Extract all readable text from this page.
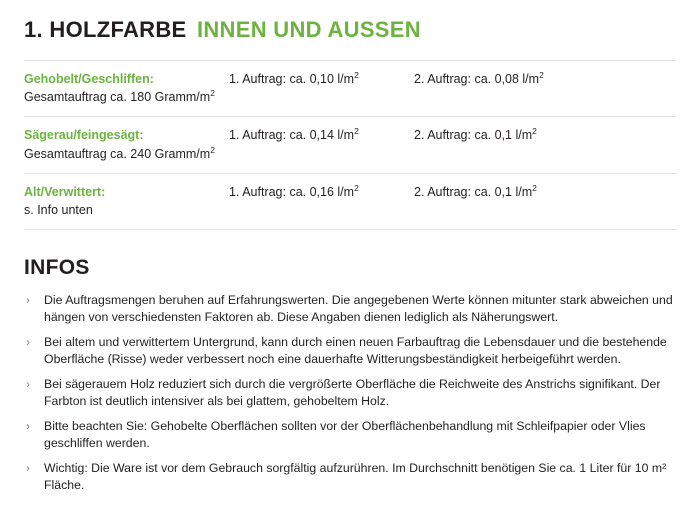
1. HOLZFARBE INNEN UND AUSSEN
Gehobelt/Geschliffen:
Gesamtauftrag ca. 180 Gramm/$m^2$	1. Auftrag: ca. 0,10 $l/m^2$	2. Auftrag: ca. 0,08 $l/m^2$

Sägerau/feingesägt:
Gesamtauftrag ca. 240 Gramm/$m^2$	1. Auftrag: ca. 0,14 $l/m^2$	2. Auftrag: ca. 0,1 $l/m^2$

Alt/Verwittert:
s. Info unten	1. Auftrag: ca. 0,16 $l/m^2$	2. Auftrag: ca. 0,1 $l/m^2$
INFOS
› Die Auftragsmengen beruhen auf Erfahrungswerten. Die angegebenen Werte können mitunter stark abweichen und hängen von verschiedensten Faktoren ab. Diese Angaben dienen lediglich als Näherungswert.
› Bei altem und verwittertem Untergrund, kann durch einen neuen Farbauftrag die Lebensdauer und die bestehende Oberfläche (Risse) weder verbessert noch eine dauerhafte Witterungsbeständigkeit herbeigeführt werden.
› Bei sägerauem Holz reduziert sich durch die vergrößerte Oberfläche die Reichweite des Anstrichs signifikant. Der Farbton ist deutlich intensiver als bei glattem, gehobeltem Holz.
› Bitte beachten Sie: Gehobelte Oberflächen sollten vor der Oberflächenbehandlung mit Schleifpapier oder Vlies geschliffen werden.
› Wichtig: Die Ware ist vor dem Gebrauch sorgfältig aufzurühren. Im Durchschnitt benötigen Sie ca. 1 Liter für 10 m² Fläche.
